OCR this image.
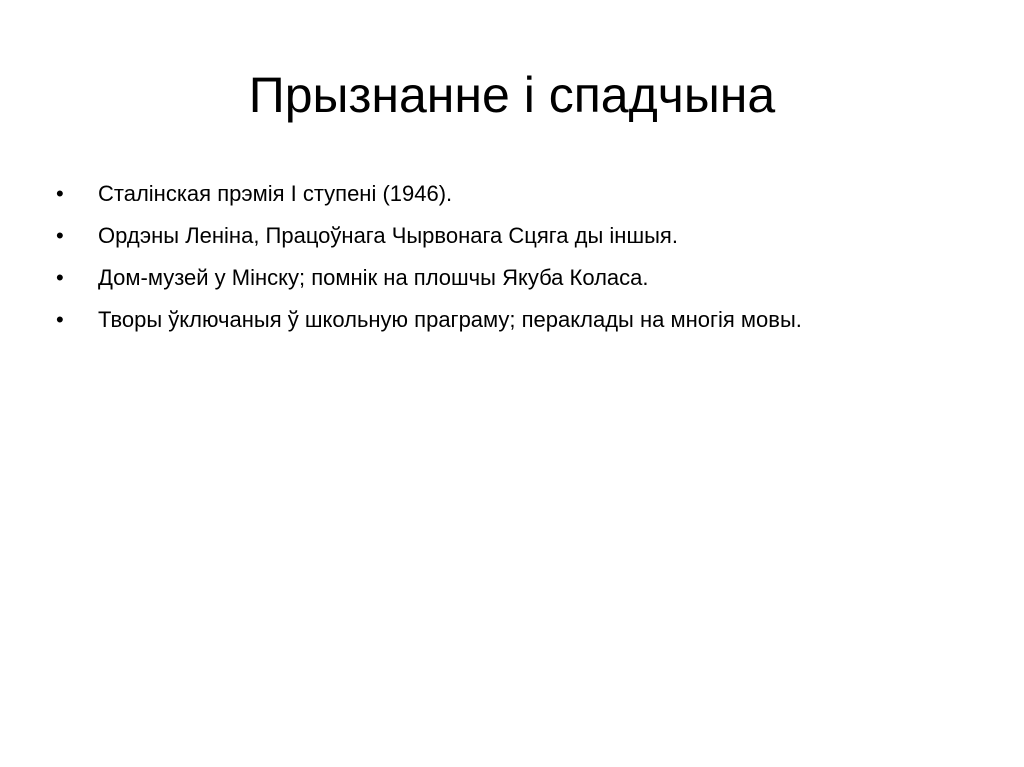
Прызнанне і спадчына
•	Сталінская прэмія I ступені (1946).
•	Ордэны Леніна, Працоўнага Чырвонага Сцяга ды іншыя.
•	Дом-музей у Мінску; помнік на плошчы Якуба Коласа.
•	Творы ўключаныя ў школьную праграму; пераклады на многія мовы.
